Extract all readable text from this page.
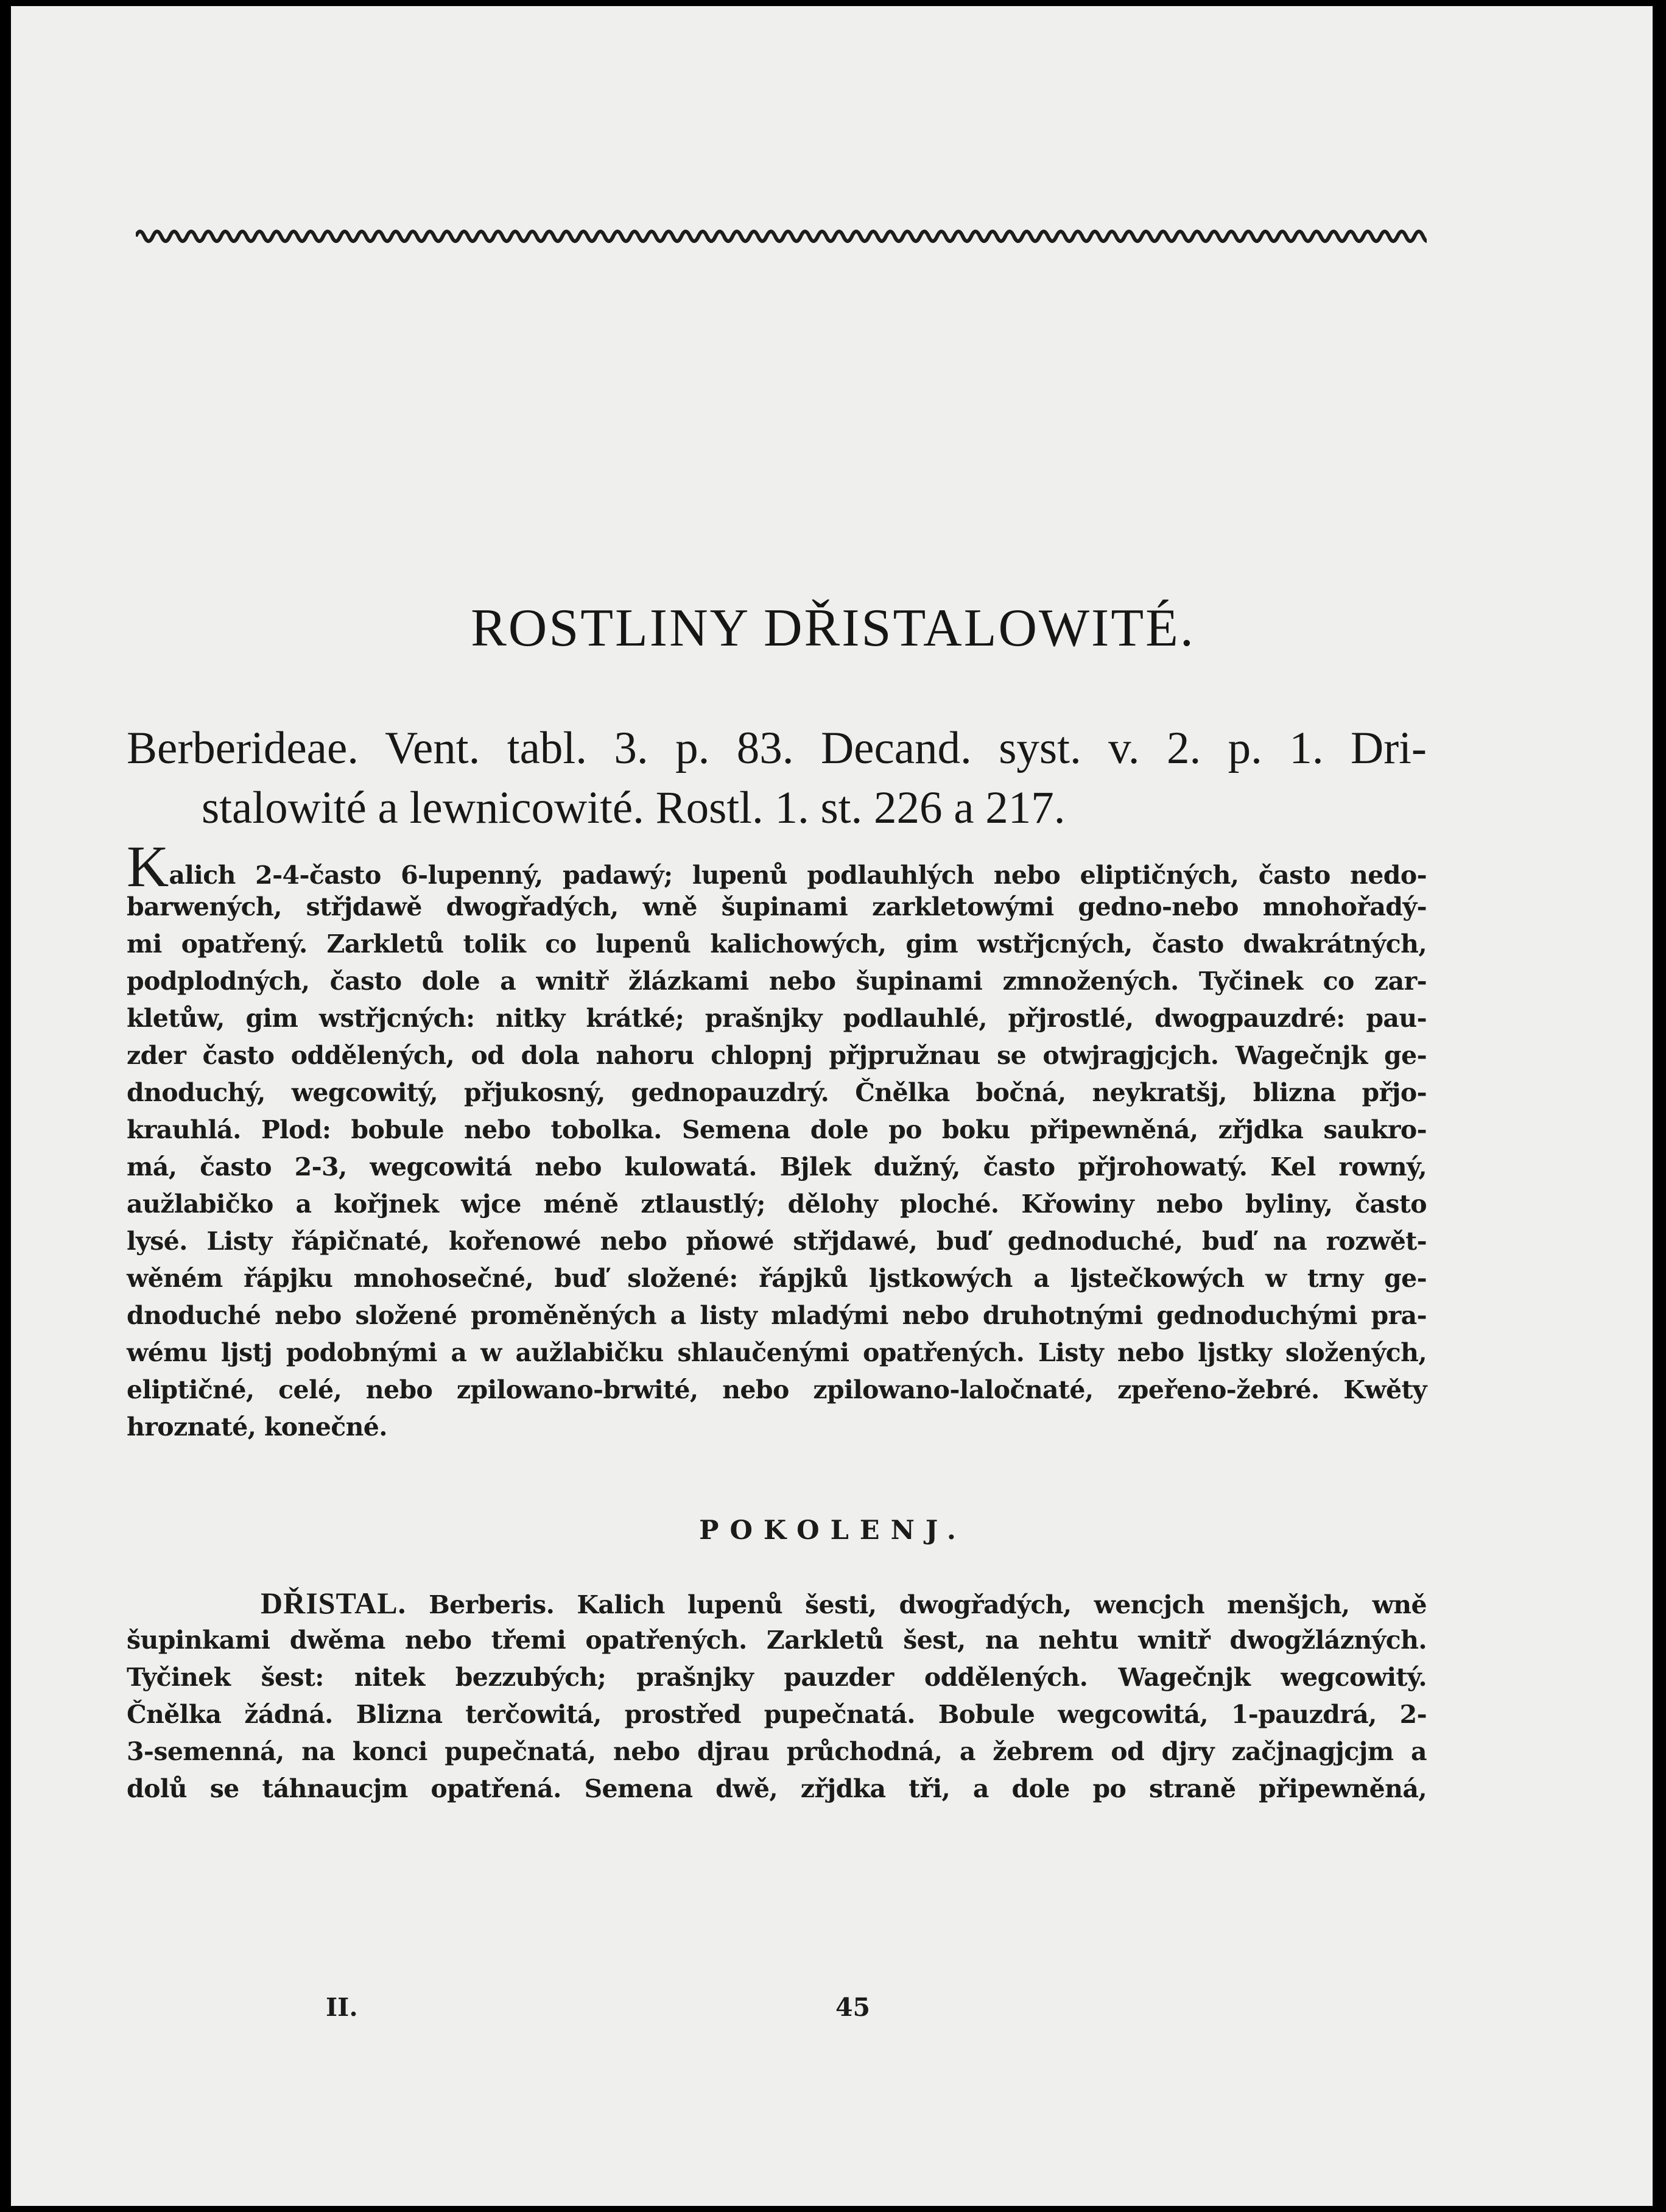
ROSTLINY DŘISTALOWITÉ.
Berberideae. Vent. tabl. 3. p. 83. Decand. syst. v. 2. p. 1. Dri-
stalowité a lewnicowité. Rostl. 1. st. 226 a 217.
Kalich 2-4-často 6-lupenný, padawý; lupenů podlauhlých nebo eliptičných, často nedo-
barwených, střjdawě dwogřadých, wně šupinami zarkletowými gedno-nebo mnohořadý-
mi opatřený. Zarkletů tolik co lupenů kalichowých, gim wstřjcných, často dwakrátných,
podplodných, často dole a wnitř žlázkami nebo šupinami zmnožených. Tyčinek co zar-
kletůw, gim wstřjcných: nitky krátké; prašnjky podlauhlé, přjrostlé, dwogpauzdré: pau-
zder často oddělených, od dola nahoru chlopnj přjpružnau se otwjragjcjch. Wagečnjk ge-
dnoduchý, wegcowitý, přjukosný, gednopauzdrý. Čnělka bočná, neykratšj, blizna přjo-
krauhlá. Plod: bobule nebo tobolka. Semena dole po boku připewněná, zřjdka saukro-
má, často 2-3, wegcowitá nebo kulowatá. Bjlek dužný, často přjrohowatý. Kel rowný,
aužlabičko a kořjnek wjce méně ztlaustlý; dělohy ploché. Křowiny nebo byliny, často
lysé. Listy řápičnaté, kořenowé nebo pňowé střjdawé, buď gednoduché, buď na rozwět-
wěném řápjku mnohosečné, buď složené: řápjků ljstkowých a ljstečkowých w trny ge-
dnoduché nebo složené proměněných a listy mladými nebo druhotnými gednoduchými pra-
wému ljstj podobnými a w aužlabičku shlaučenými opatřených. Listy nebo ljstky složených,
eliptičné, celé, nebo zpilowano-brwité, nebo zpilowano-laločnaté, zpeřeno-žebré. Kwěty
hroznaté, konečné.
POKOLENJ.
DŘISTAL. Berberis. Kalich lupenů šesti, dwogřadých, wencjch menšjch, wně
šupinkami dwěma nebo třemi opatřených. Zarkletů šest, na nehtu wnitř dwogžlázných.
Tyčinek šest: nitek bezzubých; prašnjky pauzder oddělených. Wagečnjk wegcowitý.
Čnělka žádná. Blizna terčowitá, prostřed pupečnatá. Bobule wegcowitá, 1-pauzdrá, 2-
3-semenná, na konci pupečnatá, nebo djrau průchodná, a žebrem od djry začjnagjcjm a
dolů se táhnaucjm opatřená. Semena dwě, zřjdka tři, a dole po straně připewněná,
II.	45
